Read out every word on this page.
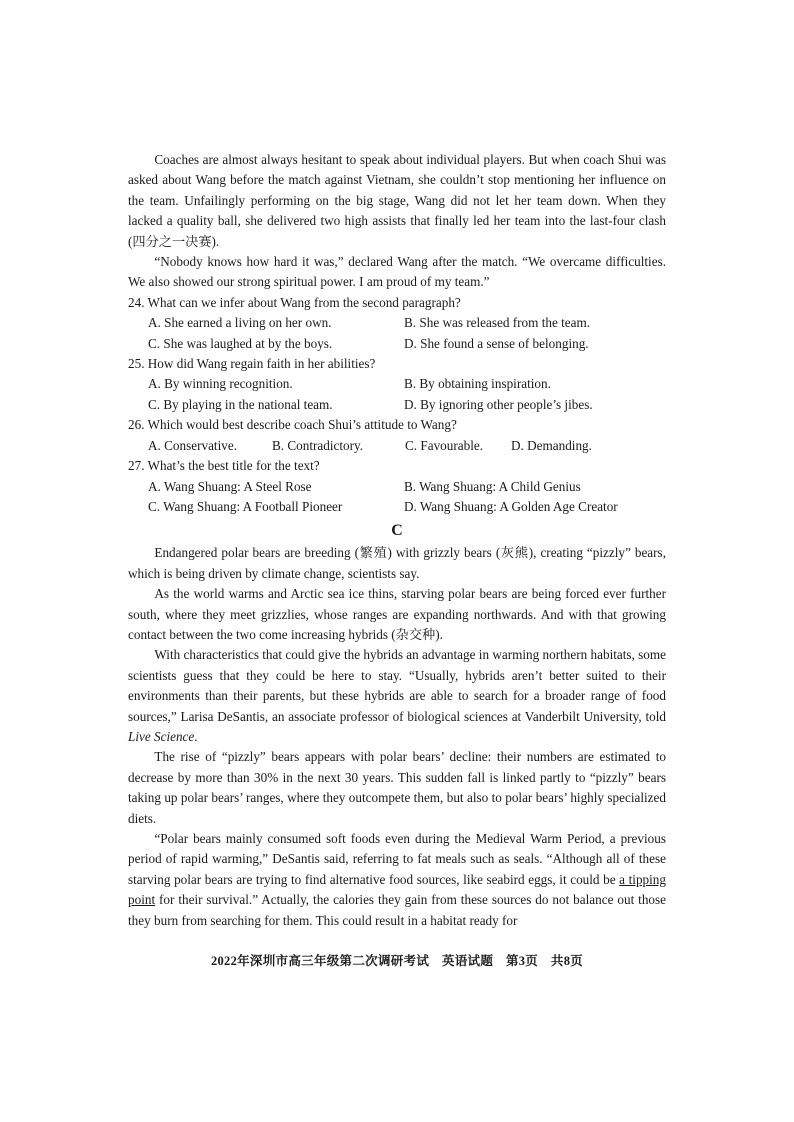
Coaches are almost always hesitant to speak about individual players. But when coach Shui was asked about Wang before the match against Vietnam, she couldn’t stop mentioning her influence on the team. Unfailingly performing on the big stage, Wang did not let her team down. When they lacked a quality ball, she delivered two high assists that finally led her team into the last-four clash (四分之一决赛).

“Nobody knows how hard it was,” declared Wang after the match. “We overcame difficulties. We also showed our strong spiritual power. I am proud of my team.”

24. What can we infer about Wang from the second paragraph?
A. She earned a living on her own.	B. She was released from the team.
C. She was laughed at by the boys.	D. She found a sense of belonging.
25. How did Wang regain faith in her abilities?
A. By winning recognition.	B. By obtaining inspiration.
C. By playing in the national team.	D. By ignoring other people’s jibes.
26. Which would best describe coach Shui’s attitude to Wang?
A. Conservative.	B. Contradictory.	C. Favourable.	D. Demanding.
27. What’s the best title for the text?
A. Wang Shuang: A Steel Rose	B. Wang Shuang: A Child Genius
C. Wang Shuang: A Football Pioneer	D. Wang Shuang: A Golden Age Creator
C

Endangered polar bears are breeding (繁殖) with grizzly bears (灰熊), creating “pizzly” bears, which is being driven by climate change, scientists say.

As the world warms and Arctic sea ice thins, starving polar bears are being forced ever further south, where they meet grizzlies, whose ranges are expanding northwards. And with that growing contact between the two come increasing hybrids (杂交种).

With characteristics that could give the hybrids an advantage in warming northern habitats, some scientists guess that they could be here to stay. “Usually, hybrids aren’t better suited to their environments than their parents, but these hybrids are able to search for a broader range of food sources,” Larisa DeSantis, an associate professor of biological sciences at Vanderbilt University, told Live Science.

The rise of “pizzly” bears appears with polar bears’ decline: their numbers are estimated to decrease by more than 30% in the next 30 years. This sudden fall is linked partly to “pizzly” bears taking up polar bears’ ranges, where they outcompete them, but also to polar bears’ highly specialized diets.

“Polar bears mainly consumed soft foods even during the Medieval Warm Period, a previous period of rapid warming,” DeSantis said, referring to fat meals such as seals. “Although all of these starving polar bears are trying to find alternative food sources, like seabird eggs, it could be a tipping point for their survival.” Actually, the calories they gain from these sources do not balance out those they burn from searching for them. This could result in a habitat ready for

2022年深圳市高三年级第二次调研考试　英语试题　第3页　共8页
